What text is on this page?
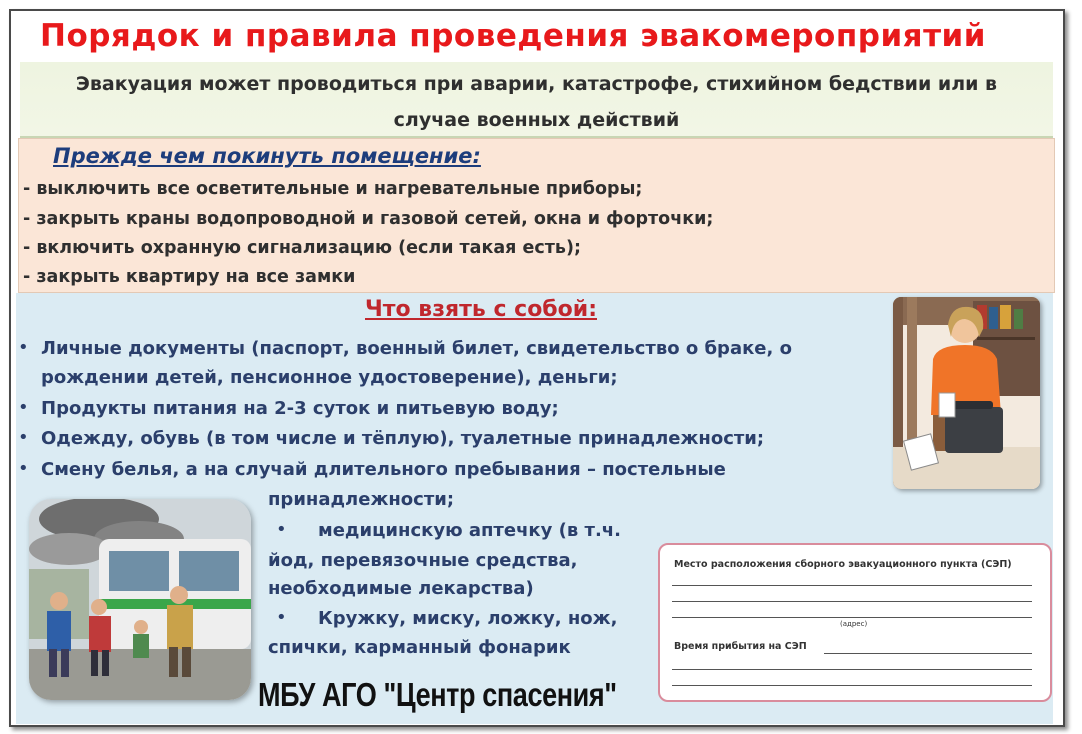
Порядок и правила проведения эвакомероприятий
Эвакуация может проводиться при аварии, катастрофе, стихийном бедствии или в
случае военных действий
Прежде чем покинуть помещение:
- выключить все осветительные и нагревательные приборы;
- закрыть краны водопроводной и газовой сетей, окна и форточки;
- включить охранную сигнализацию (если такая есть);
- закрыть квартиру на все замки
Что взять с собой:
• Личные документы (паспорт, военный билет, свидетельство о браке, о
рождении детей, пенсионное удостоверение), деньги;
• Продукты питания на 2-3 суток и питьевую воду;
• Одежду, обувь (в том числе и тёплую), туалетные принадлежности;
• Смену белья, а на случай длительного пребывания – постельные
принадлежности;
• медицинскую аптечку (в т.ч.
йод, перевязочные средства,
необходимые лекарства)
• Кружку, миску, ложку, нож,
спички, карманный фонарик
Место расположения сборного эвакуационного пункта (СЭП)
(адрес)
Время прибытия на СЭП
МБУ АГО "Центр спасения"
